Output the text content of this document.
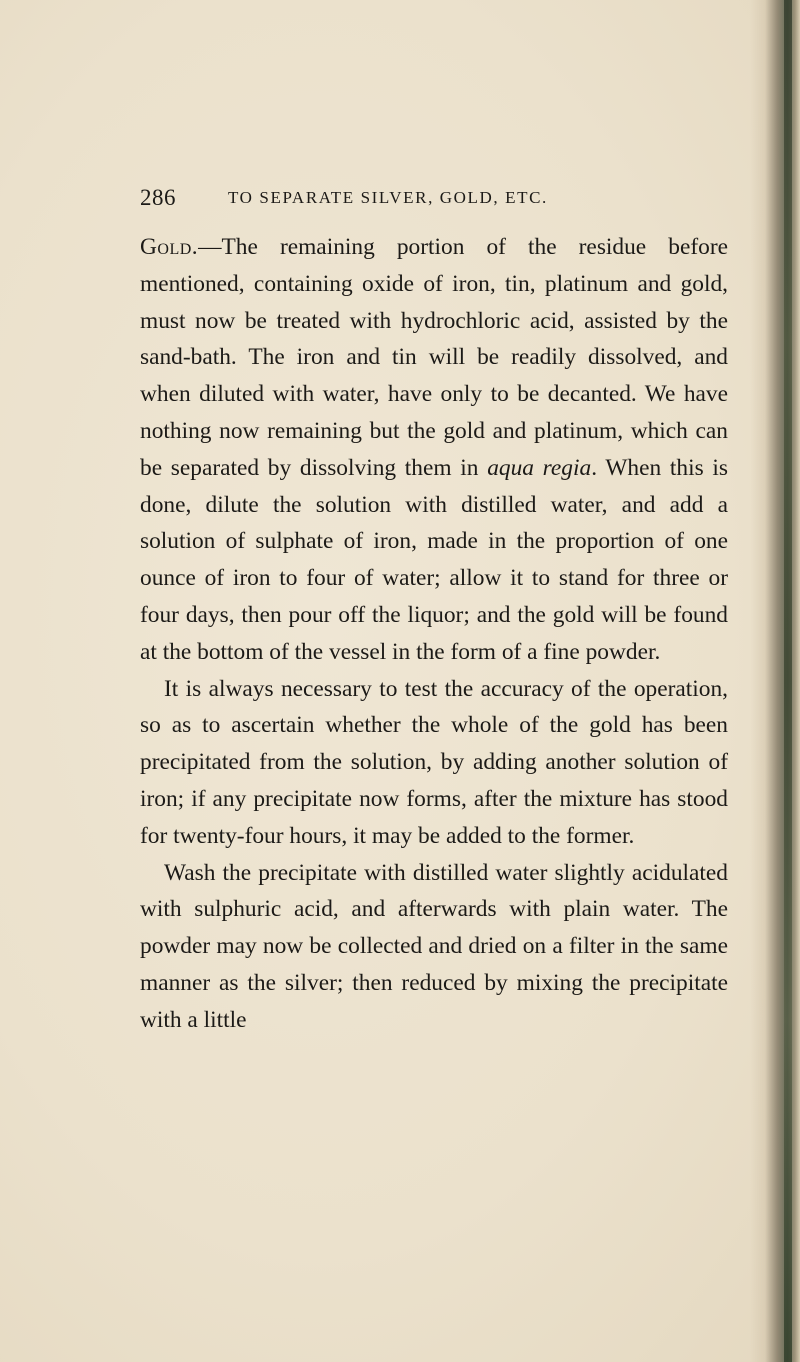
286	TO SEPARATE SILVER, GOLD, ETC.

Gold.—The remaining portion of the residue before mentioned, containing oxide of iron, tin, platinum and gold, must now be treated with hydrochloric acid, assisted by the sand-bath. The iron and tin will be readily dissolved, and when diluted with water, have only to be decanted. We have nothing now remaining but the gold and platinum, which can be separated by dissolving them in aqua regia. When this is done, dilute the solution with distilled water, and add a solution of sulphate of iron, made in the proportion of one ounce of iron to four of water; allow it to stand for three or four days, then pour off the liquor; and the gold will be found at the bottom of the vessel in the form of a fine powder.

It is always necessary to test the accuracy of the operation, so as to ascertain whether the whole of the gold has been precipitated from the solution, by adding another solution of iron; if any precipitate now forms, after the mixture has stood for twenty-four hours, it may be added to the former.

Wash the precipitate with distilled water slightly acidulated with sulphuric acid, and afterwards with plain water. The powder may now be collected and dried on a filter in the same manner as the silver; then reduced by mixing the precipitate with a little
